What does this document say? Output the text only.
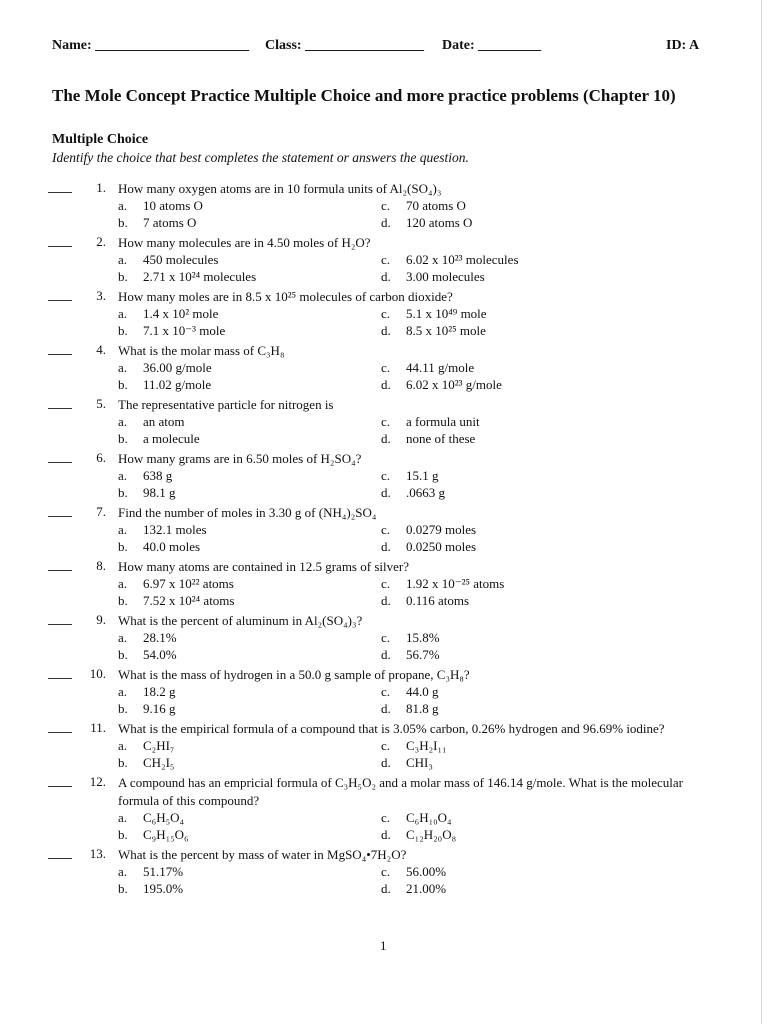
Name: ______________________ Class: _________________ Date: _________	ID: A
The Mole Concept Practice Multiple Choice and more practice problems (Chapter 10)
Multiple Choice
Identify the choice that best completes the statement or answers the question.
1. How many oxygen atoms are in 10 formula units of Al₂(SO₄)₃
a.	10 atoms O	c.	70 atoms O
b.	7 atoms O	d.	120 atoms O
2. How many molecules are in 4.50 moles of H₂O?
a.	450 molecules	c.	6.02 x 10²³ molecules
b.	2.71 x 10²⁴ molecules	d.	3.00 molecules
3. How many moles are in 8.5 x 10²⁵ molecules of carbon dioxide?
a.	1.4 x 10² mole	c.	5.1 x 10⁴⁹ mole
b.	7.1 x 10⁻³ mole	d.	8.5 x 10²⁵ mole
4. What is the molar mass of C₃H₈
a.	36.00 g/mole	c.	44.11 g/mole
b.	11.02 g/mole	d.	6.02 x 10²³ g/mole
5. The representative particle for nitrogen is
a.	an atom	c.	a formula unit
b.	a molecule	d.	none of these
6. How many grams are in 6.50 moles of H₂SO₄?
a.	638 g	c.	15.1 g
b.	98.1 g	d.	.0663 g
7. Find the number of moles in 3.30 g of (NH₄)₂SO₄
a.	132.1 moles	c.	0.0279 moles
b.	40.0 moles	d.	0.0250 moles
8. How many atoms are contained in 12.5 grams of silver?
a.	6.97 x 10²² atoms	c.	1.92 x 10⁻²⁵ atoms
b.	7.52 x 10²⁴ atoms	d.	0.116 atoms
9. What is the percent of aluminum in Al₂(SO₄)₃?
a.	28.1%	c.	15.8%
b.	54.0%	d.	56.7%
10. What is the mass of hydrogen in a 50.0 g sample of propane, C₃H₈?
a.	18.2 g	c.	44.0 g
b.	9.16 g	d.	81.8 g
11. What is the empirical formula of a compound that is 3.05% carbon, 0.26% hydrogen and 96.69% iodine?
a.	C₂HI₇	c.	C₃H₂I₁₁
b.	CH₂I₅	d.	CHI₃
12. A compound has an empricial formula of C₃H₅O₂ and a molar mass of 146.14 g/mole. What is the molecular formula of this compound?
a.	C₆H₅O₄	c.	C₆H₁₀O₄
b.	C₉H₁₅O₆	d.	C₁₂H₂₀O₈
13. What is the percent by mass of water in MgSO₄•7H₂O?
a.	51.17%	c.	56.00%
b.	195.0%	d.	21.00%
1
